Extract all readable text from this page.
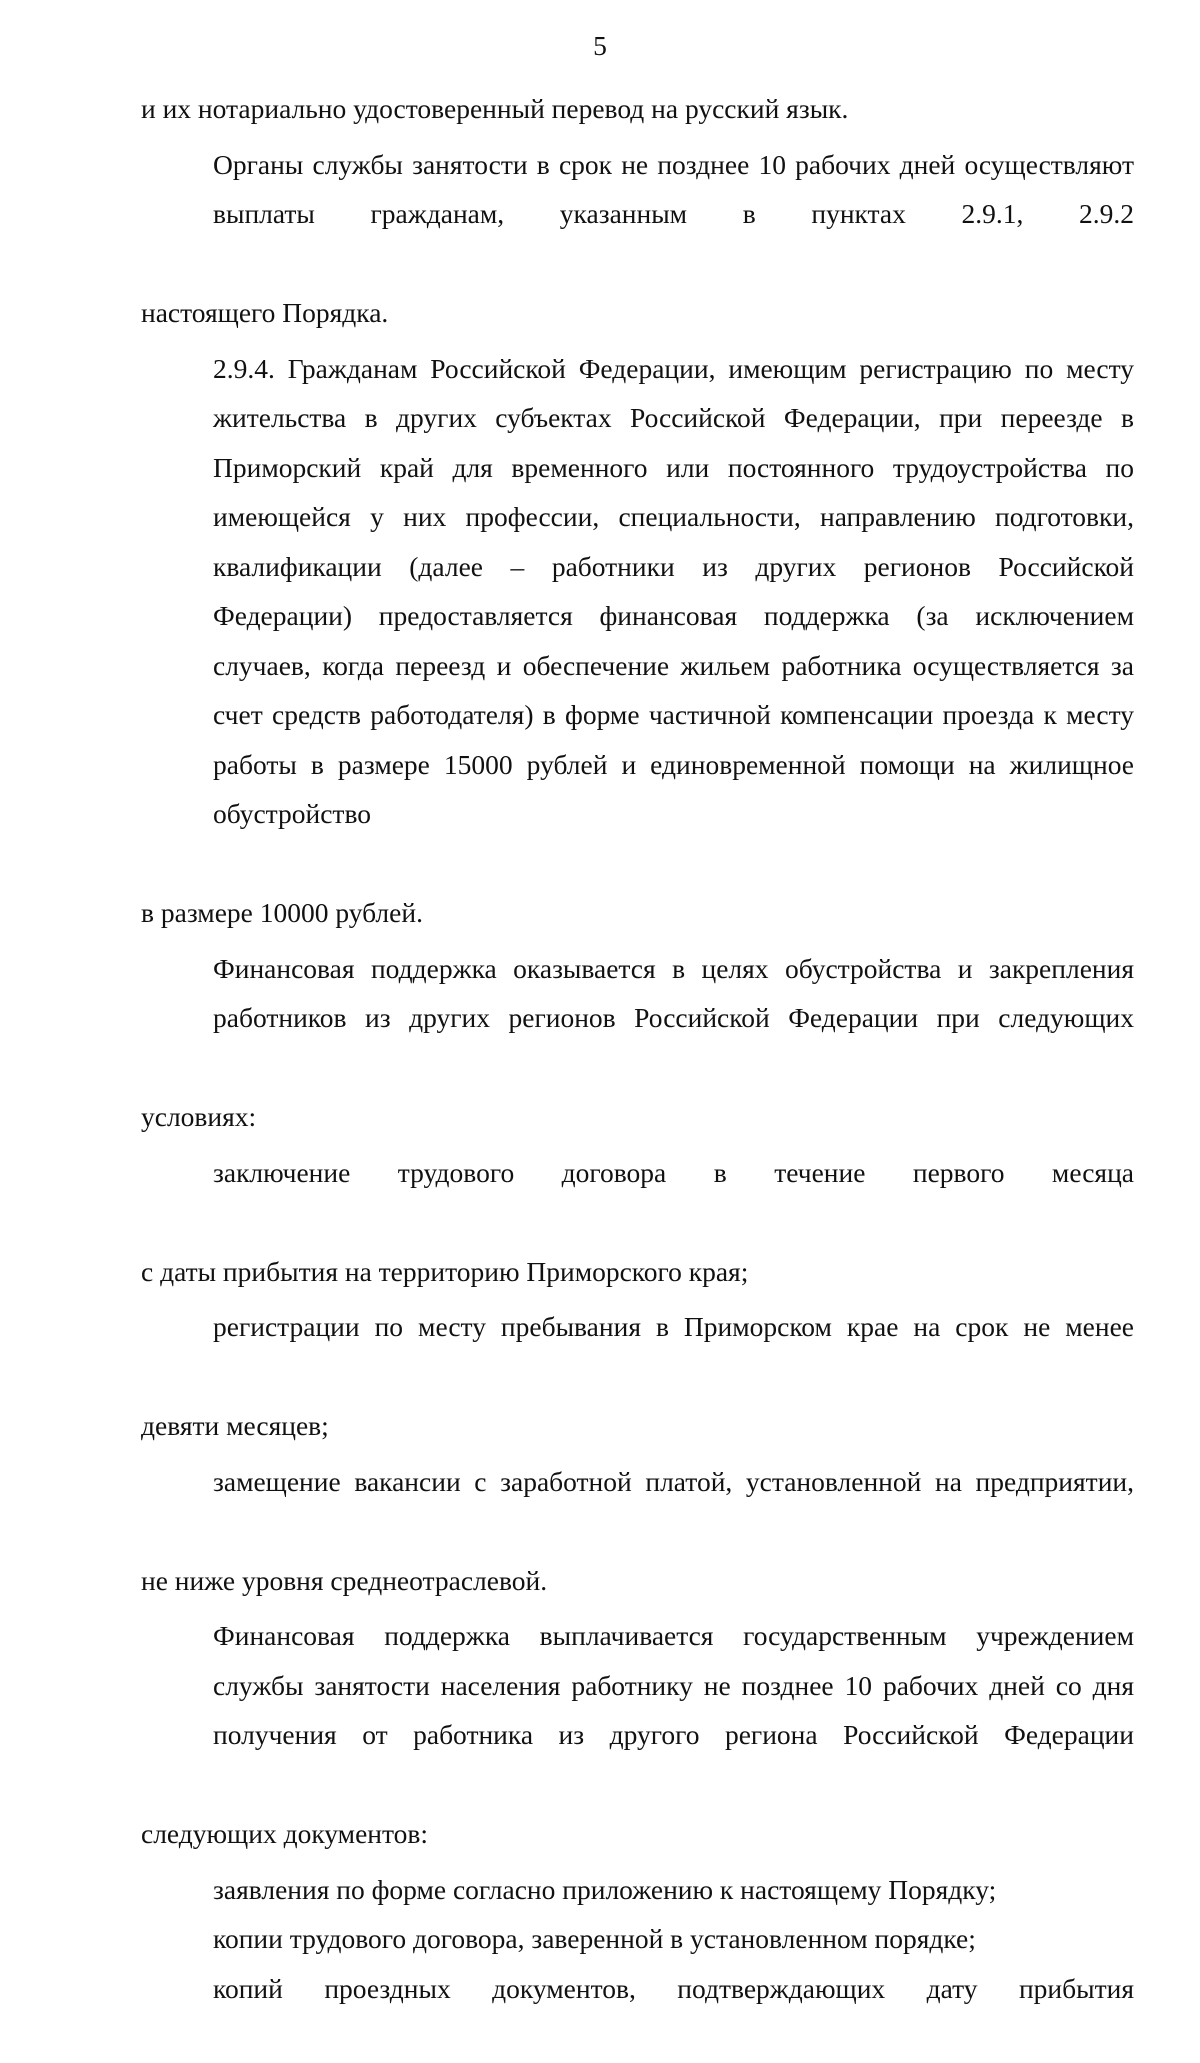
5

и их нотариально удостоверенный перевод на русский язык.

Органы службы занятости в срок не позднее 10 рабочих дней осуществляют выплаты гражданам, указанным в пунктах 2.9.1, 2.9.2

настоящего Порядка.

2.9.4. Гражданам Российской Федерации, имеющим регистрацию по месту жительства в других субъектах Российской Федерации, при переезде в Приморский край для временного или постоянного трудоустройства по имеющейся у них профессии, специальности, направлению подготовки, квалификации (далее – работники из других регионов Российской Федерации) предоставляется финансовая поддержка (за исключением случаев, когда переезд и обеспечение жильем работника осуществляется за счет средств работодателя) в форме частичной компенсации проезда к месту работы в размере 15000 рублей и единовременной помощи на жилищное обустройство

в размере 10000 рублей.

Финансовая поддержка оказывается в целях обустройства и закрепления работников из других регионов Российской Федерации при следующих

условиях:

заключение трудового договора в течение первого месяца

с даты прибытия на территорию Приморского края;

регистрации по месту пребывания в Приморском крае на срок не менее

девяти месяцев;

замещение вакансии с заработной платой, установленной на предприятии,

не ниже уровня среднеотраслевой.

Финансовая поддержка выплачивается государственным учреждением службы занятости населения работнику не позднее 10 рабочих дней со дня получения от работника из другого региона Российской Федерации

следующих документов:

заявления по форме согласно приложению к настоящему Порядку;

копии трудового договора, заверенной в установленном порядке;

копий проездных документов, подтверждающих дату прибытия
